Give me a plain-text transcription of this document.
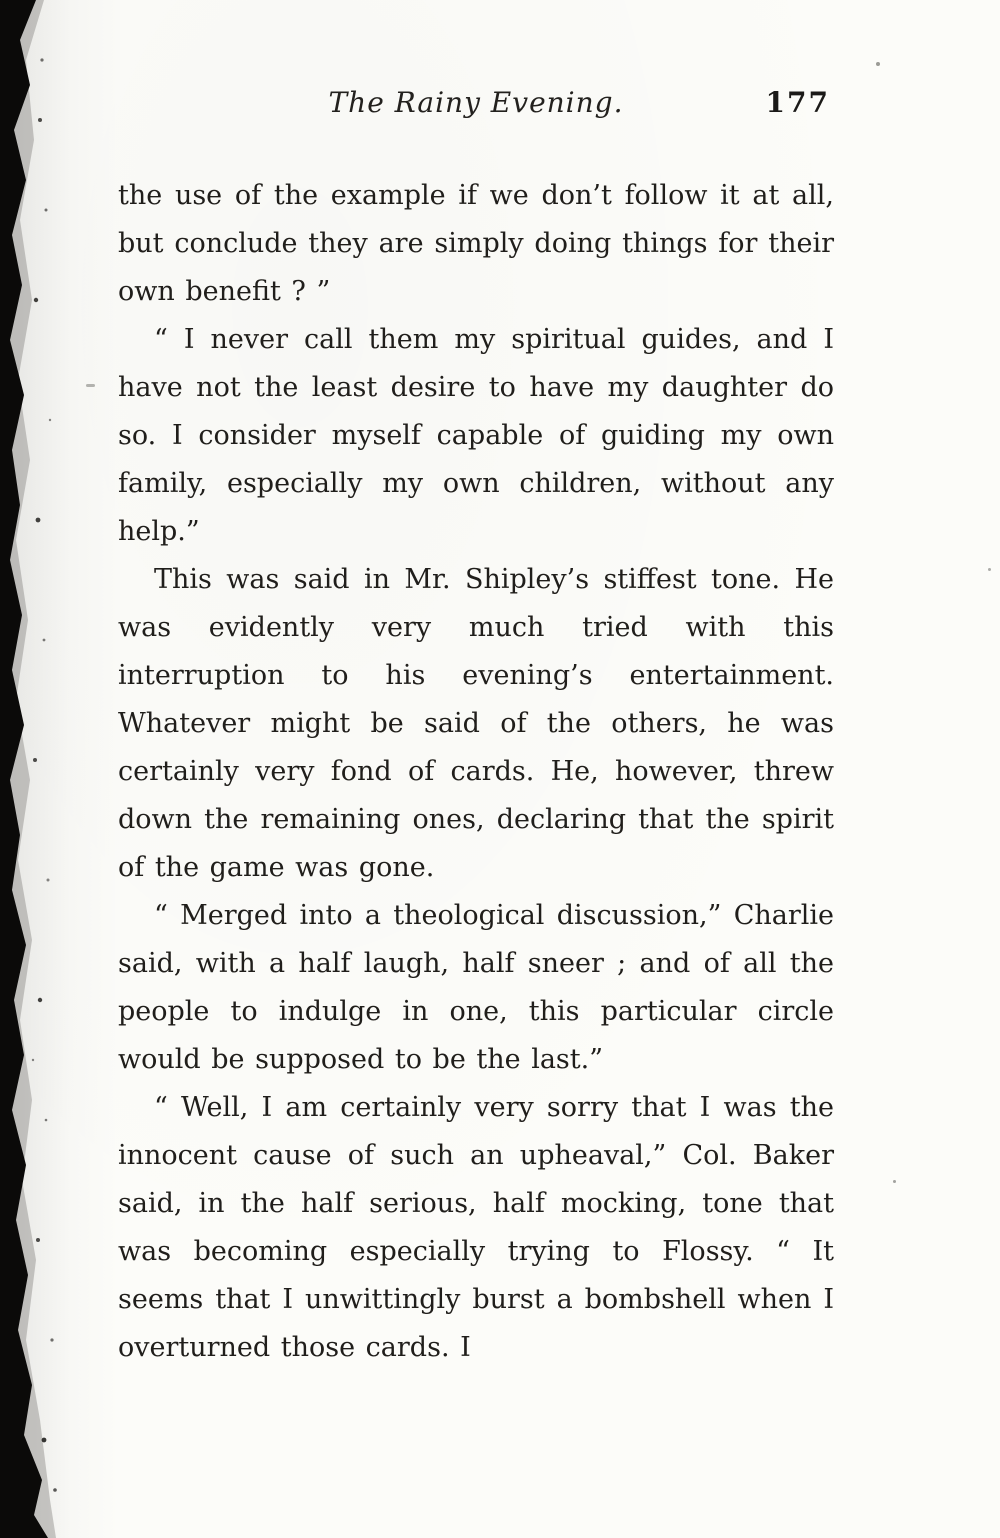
The Rainy Evening.	177

the use of the example if we don’t follow it at all, but conclude they are simply doing things for their own benefit ? ”

“ I never call them my spiritual guides, and I have not the least desire to have my daughter do so. I consider myself capable of guiding my own family, especially my own children, without any help.”

This was said in Mr. Shipley’s stiffest tone. He was evidently very much tried with this interruption to his evening’s entertainment. Whatever might be said of the others, he was certainly very fond of cards. He, however, threw down the remaining ones, declaring that the spirit of the game was gone.

“ Merged into a theological discussion,” Charlie said, with a half laugh, half sneer ; and of all the people to indulge in one, this particular circle would be supposed to be the last.”

“ Well, I am certainly very sorry that I was the innocent cause of such an upheaval,” Col. Baker said, in the half serious, half mocking, tone that was becoming especially trying to Flossy. “ It seems that I unwittingly burst a bombshell when I overturned those cards. I
